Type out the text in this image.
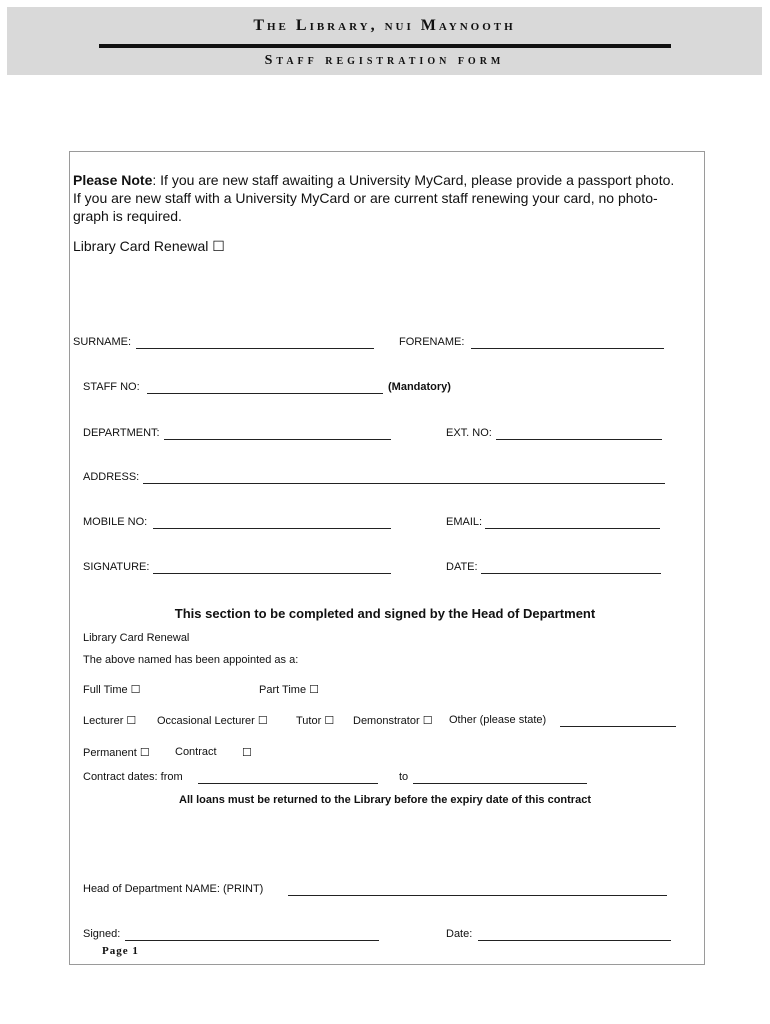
The Library, nui Maynooth
Staff registration form
Please Note: If you are new staff awaiting a University MyCard, please provide a passport photo.
If you are new staff with a University MyCard or are current staff renewing your card, no photo-
graph is required.
Library Card Renewal ☐
SURNAME:	FORENAME:
STAFF NO:	(Mandatory)
DEPARTMENT:	EXT. NO:
ADDRESS:
MOBILE NO:	EMAIL:
SIGNATURE:	DATE:
This section to be completed and signed by the Head of Department
Library Card Renewal
The above named has been appointed as a:
Full Time ☐	Part Time ☐
Lecturer ☐ Occasional Lecturer ☐	Tutor ☐ Demonstrator ☐ Other (please state)
Permanent ☐ Contract ☐
Contract dates: from	to
All loans must be returned to the Library before the expiry date of this contract
Head of Department NAME: (PRINT)
Signed:	Date:
Page 1
